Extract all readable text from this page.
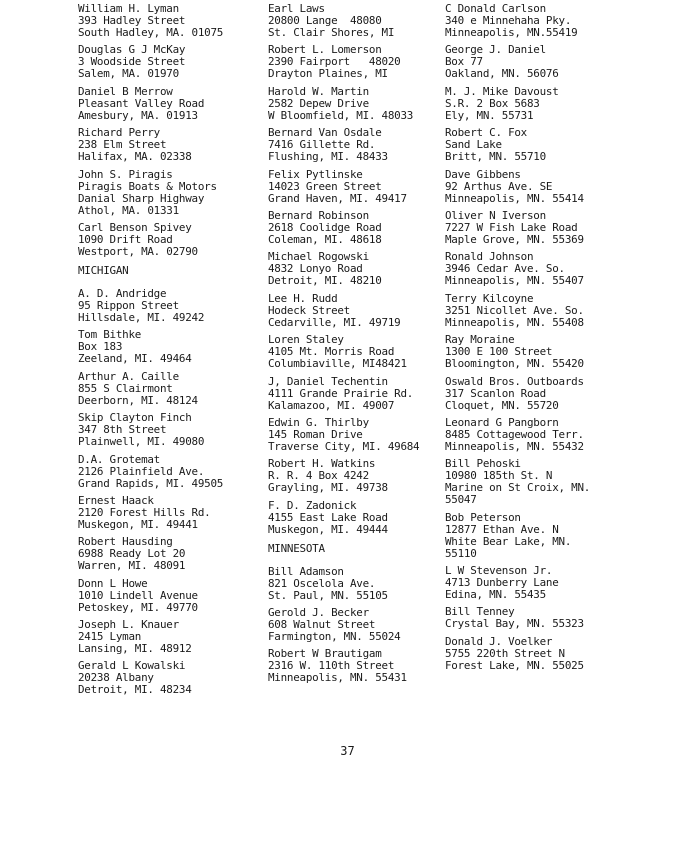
William H. Lyman
393 Hadley Street
South Hadley, MA. 01075
Douglas G J McKay
3 Woodside Street
Salem, MA. 01970
Daniel B Merrow
Pleasant Valley Road
Amesbury, MA. 01913
Richard Perry
238 Elm Street
Halifax, MA. 02338
John S. Piragis
Piragis Boats & Motors
Danial Sharp Highway
Athol, MA. 01331
Carl Benson Spivey
1090 Drift Road
Westport, MA. 02790
MICHIGAN
A. D. Andridge
95 Rippon Street
Hillsdale, MI. 49242
Tom Bithke
Box 183
Zeeland, MI. 49464
Arthur A. Caille
855 S Clairmont
Deerborn, MI. 48124
Skip Clayton Finch
347 8th Street
Plainwell, MI. 49080
D.A. Grotemat
2126 Plainfield Ave.
Grand Rapids, MI. 49505
Ernest Haack
2120 Forest Hills Rd.
Muskegon, MI. 49441
Robert Hausding
6988 Ready Lot 20
Warren, MI. 48091
Donn L Howe
1010 Lindell Avenue
Petoskey, MI. 49770
Joseph L. Knauer
2415 Lyman
Lansing, MI. 48912
Gerald L Kowalski
20238 Albany
Detroit, MI. 48234
Earl Laws
20800 Lange  48080
St. Clair Shores, MI
Robert L. Lomerson
2390 Fairport   48020
Drayton Plaines, MI
Harold W. Martin
2582 Depew Drive
W Bloomfield, MI. 48033
Bernard Van Osdale
7416 Gillette Rd.
Flushing, MI. 48433
Felix Pytlinske
14023 Green Street
Grand Haven, MI. 49417
Bernard Robinson
2618 Coolidge Road
Coleman, MI. 48618
Michael Rogowski
4832 Lonyo Road
Detroit, MI. 48210
Lee H. Rudd
Hodeck Street
Cedarville, MI. 49719
Loren Staley
4105 Mt. Morris Road
Columbiaville, MI48421
J, Daniel Techentin
4111 Grande Prairie Rd.
Kalamazoo, MI. 49007
Edwin G. Thirlby
145 Roman Drive
Traverse City, MI. 49684
Robert H. Watkins
R. R. 4 Box 4242
Grayling, MI. 49738
F. D. Zadonick
4155 East Lake Road
Muskegon, MI. 49444
MINNESOTA
Bill Adamson
821 Oscelola Ave.
St. Paul, MN. 55105
Gerold J. Becker
608 Walnut Street
Farmington, MN. 55024
Robert W Brautigam
2316 W. 110th Street
Minneapolis, MN. 55431
C Donald Carlson
340 e Minnehaha Pky.
Minneapolis, MN.55419
George J. Daniel
Box 77
Oakland, MN. 56076
M. J. Mike Davoust
S.R. 2 Box 5683
Ely, MN. 55731
Robert C. Fox
Sand Lake
Britt, MN. 55710
Dave Gibbens
92 Arthus Ave. SE
Minneapolis, MN. 55414
Oliver N Iverson
7227 W Fish Lake Road
Maple Grove, MN. 55369
Ronald Johnson
3946 Cedar Ave. So.
Minneapolis, MN. 55407
Terry Kilcoyne
3251 Nicollet Ave. So.
Minneapolis, MN. 55408
Ray Moraine
1300 E 100 Street
Bloomington, MN. 55420
Oswald Bros. Outboards
317 Scanlon Road
Cloquet, MN. 55720
Leonard G Pangborn
8485 Cottagewood Terr.
Minneapolis, MN. 55432
Bill Pehoski
10980 185th St. N
Marine on St Croix, MN.
55047
Bob Peterson
12877 Ethan Ave. N
White Bear Lake, MN.
55110
L W Stevenson Jr.
4713 Dunberry Lane
Edina, MN. 55435
Bill Tenney
Crystal Bay, MN. 55323
Donald J. Voelker
5755 220th Street N
Forest Lake, MN. 55025
37
